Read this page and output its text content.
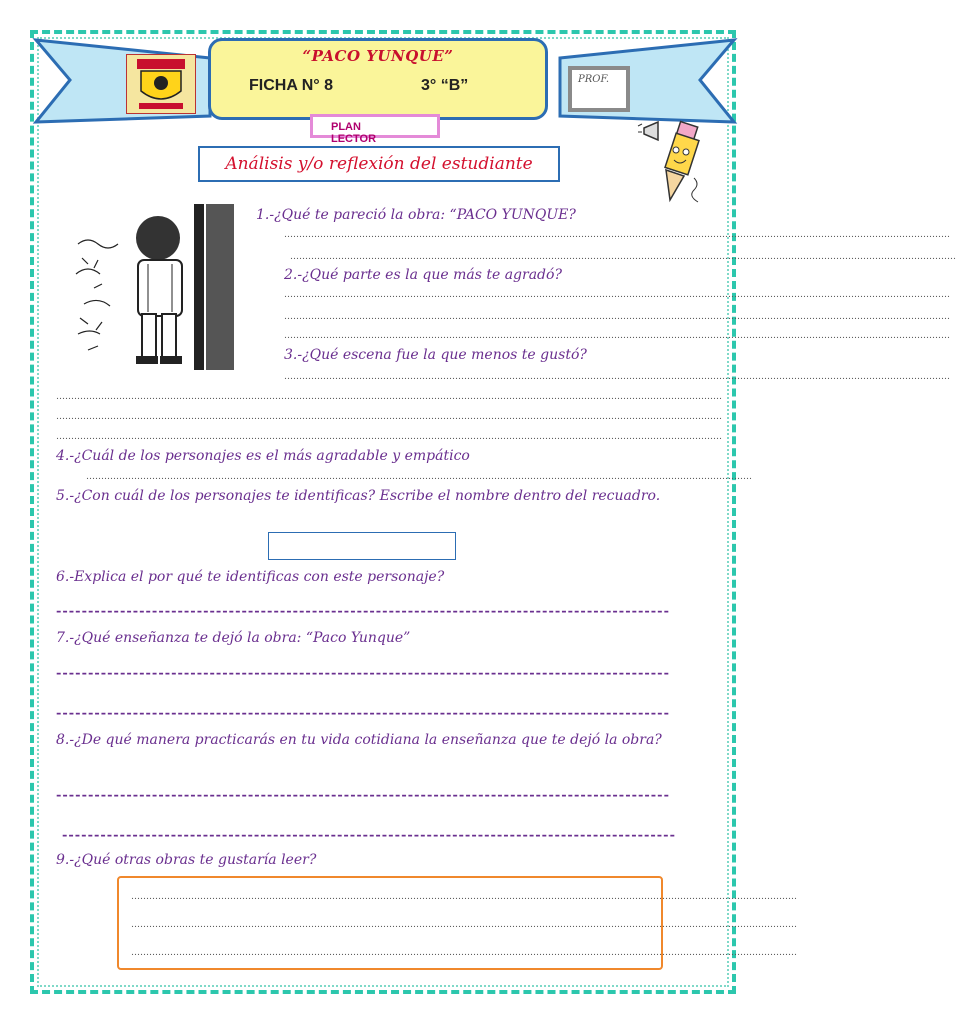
“PACO YUNQUE”
FICHA N° 8	3° “B”	PROF.
PLANLECTOR
Análisis y/o reflexión del estudiante
1.-¿Qué te pareció la obra: “PACO YUNQUE?
……………………………………………………………………………………………………………………………………………………………………………………………………
……………………………………………………………………………………………………………………………………………………………………………………………………
2.-¿Qué parte es la que más te agradó?
……………………………………………………………………………………………………………………………………………………………………………………………………
……………………………………………………………………………………………………………………………………………………………………………………………………
……………………………………………………………………………………………………………………………………………………………………………………………………
3.-¿Qué escena fue la que menos te gustó?
……………………………………………………………………………………………………………………………………………………………………………………………………
……………………………………………………………………………………………………………………………………………………………………………………………………
……………………………………………………………………………………………………………………………………………………………………………………………………
……………………………………………………………………………………………………………………………………………………………………………………………………
4.-¿Cuál de los personajes es el más agradable y empático
……………………………………………………………………………………………………………………………………………………………………………………………………
5.-¿Con cuál de los personajes te identificas? Escribe el nombre dentro del recuadro.
6.-Explica el por qué te identificas con este personaje?
------------------------------------------------------------------------------------------------
7.-¿Qué enseñanza te dejó la obra: “Paco Yunque”
------------------------------------------------------------------------------------------------
------------------------------------------------------------------------------------------------
8.-¿De qué manera practicarás en tu vida cotidiana la enseñanza que te dejó la obra?
------------------------------------------------------------------------------------------------
------------------------------------------------------------------------------------------------
9.-¿Qué otras obras te gustaría leer?
……………………………………………………………………………………………………………………………………………………………………………………………………
……………………………………………………………………………………………………………………………………………………………………………………………………
……………………………………………………………………………………………………………………………………………………………………………………………………
